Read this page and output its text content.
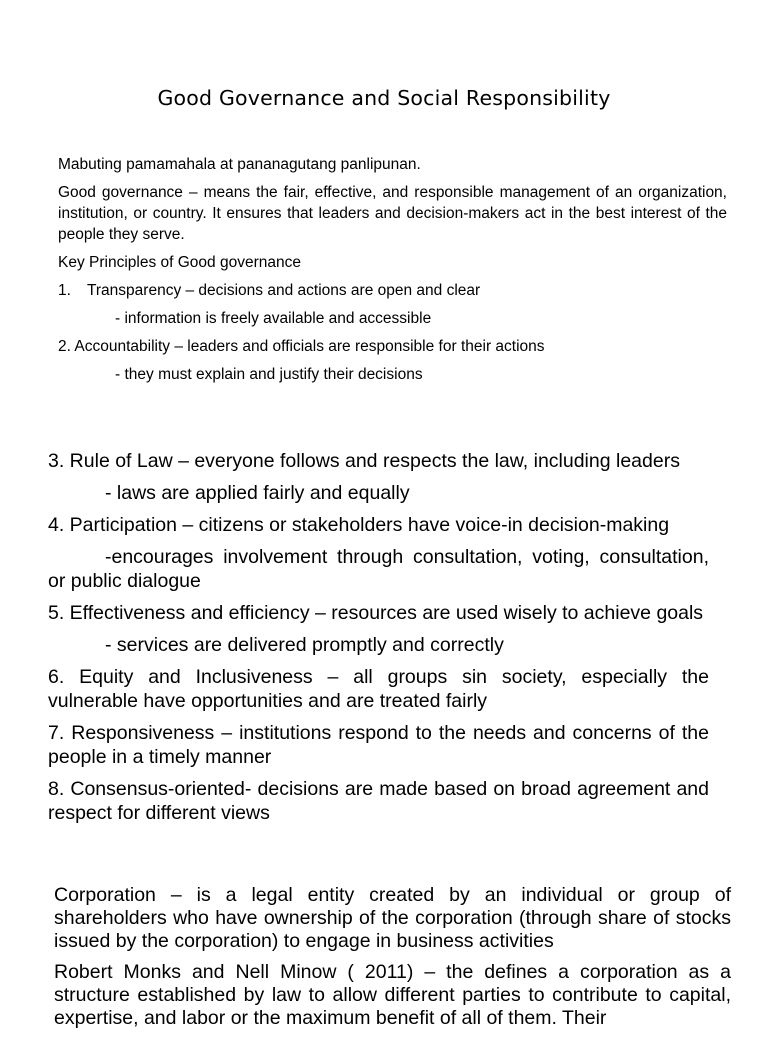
Good Governance and Social Responsibility

Mabuting pamamahala at pananagutang panlipunan.

Good governance – means the fair, effective, and responsible management of an organization, institution, or country. It ensures that leaders and decision-makers act in the best interest of the people they serve.

Key Principles of Good governance

1.	Transparency – decisions and actions are open and clear

- information is freely available and accessible

2. Accountability – leaders and officials are responsible for their actions

- they must explain and justify their decisions

3. Rule of Law – everyone follows and respects the law, including leaders

- laws are applied fairly and equally

4. Participation – citizens or stakeholders have voice-in decision-making

-encourages involvement through consultation, voting, consultation, or public dialogue

5. Effectiveness and efficiency – resources are used wisely to achieve goals

- services are delivered promptly and correctly

6. Equity and Inclusiveness – all groups sin society, especially the vulnerable have opportunities and are treated fairly

7. Responsiveness – institutions respond to the needs and concerns of the people in a timely manner

8. Consensus-oriented- decisions are made based on broad agreement and respect for different views

Corporation – is a legal entity created by an individual or group of shareholders who have ownership of the corporation (through share of stocks issued by the corporation) to engage in business activities

Robert Monks and Nell Minow ( 2011) – the defines a corporation as a structure established by law to allow different parties to contribute to capital, expertise, and labor or the maximum benefit of all of them. Their
